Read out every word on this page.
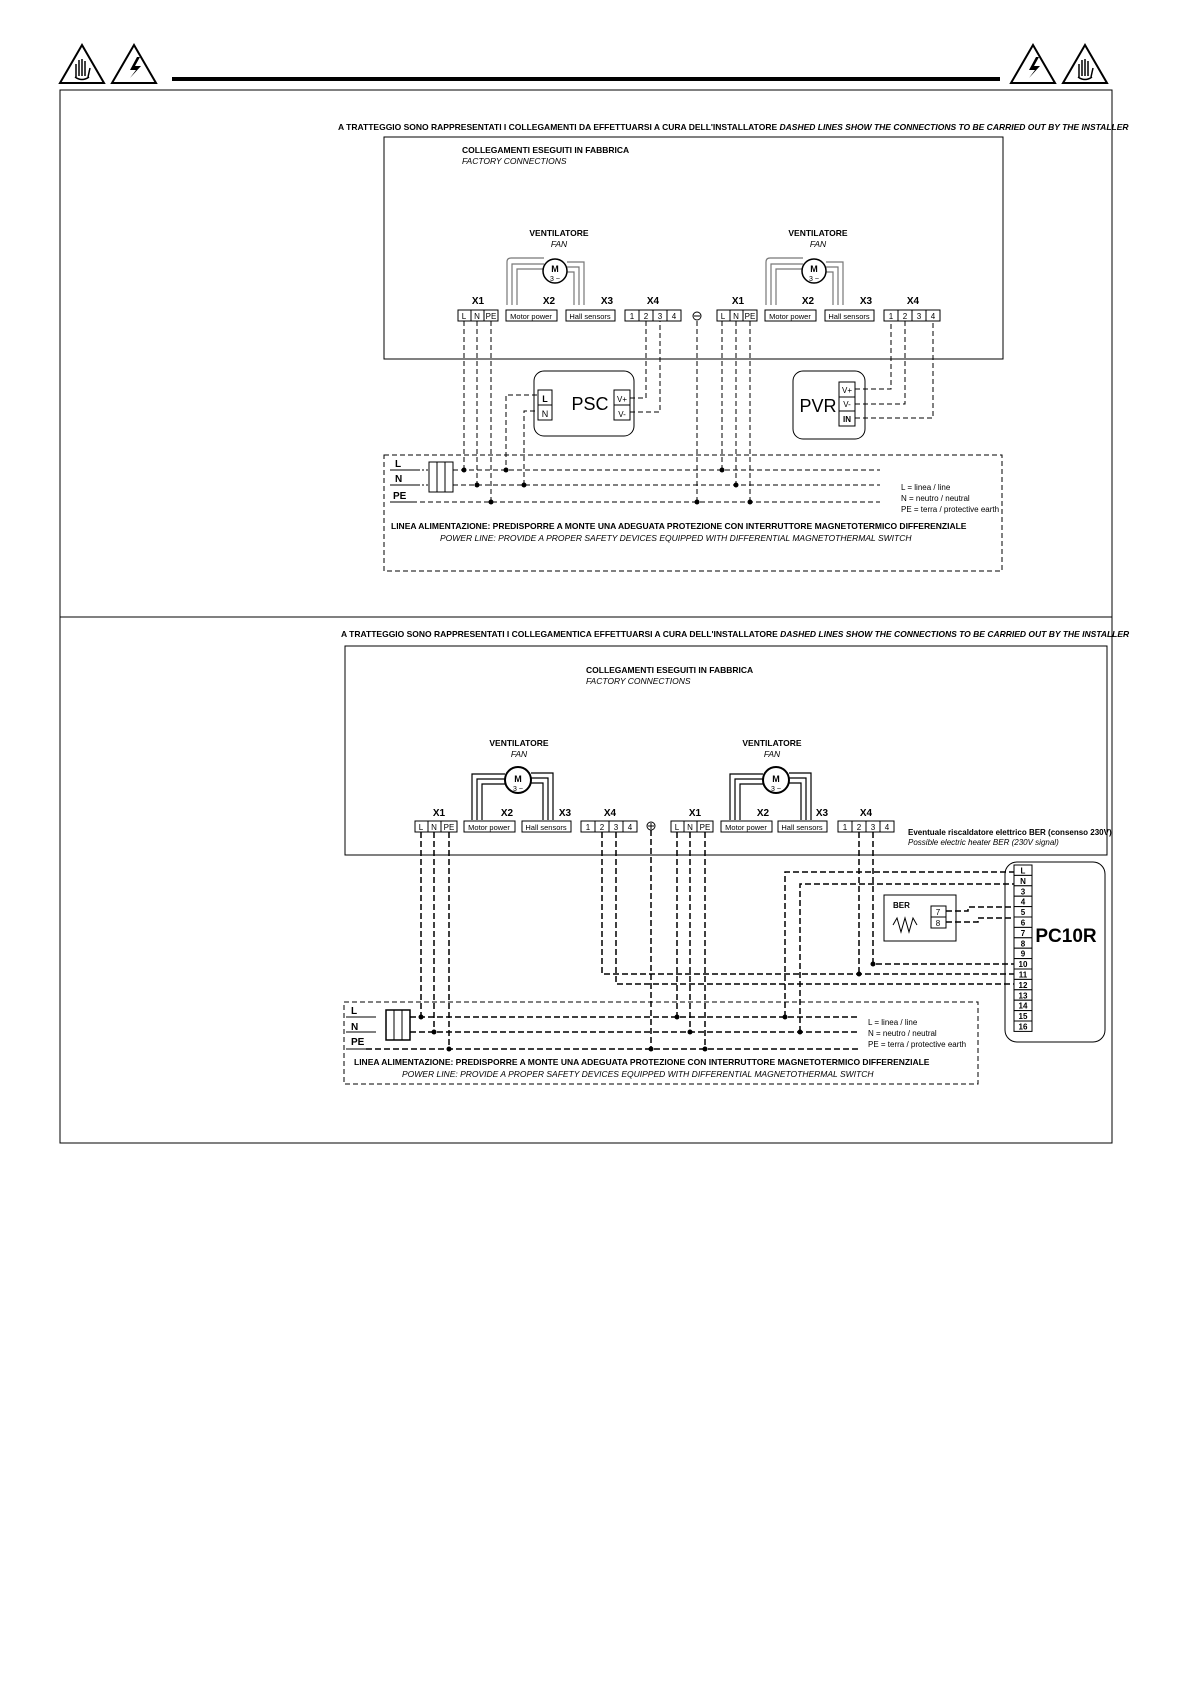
A TRATTEGGIO SONO RAPPRESENTATI I COLLEGAMENTI DA EFFETTUARSI A CURA DELL'INSTALLATORE DASHED LINES SHOW THE CONNECTIONS TO BE CARRIED OUT BY THE INSTALLER
COLLEGAMENTI ESEGUITI IN FABBRICA
FACTORY CONNECTIONS
VENTILATORE
FAN
M
3 ~
X1	X2	X3	X4
L N PE Motor power Hall sensors 1 2 3 4
VENTILATORE
FAN
M
3 ~
X1	X2	X3	X4
L N PE Motor power Hall sensors 1 2 3 4
PSC
L
N
V+
V-	PVR
V+
V-
IN
L
N
PE
L = linea / line
N = neutro / neutral
PE = terra / protective earth
LINEA ALIMENTAZIONE: PREDISPORRE A MONTE UNA ADEGUATA PROTEZIONE CON INTERRUTTORE MAGNETOTERMICO DIFFERENZIALE
POWER LINE: PROVIDE A PROPER SAFETY DEVICES EQUIPPED WITH DIFFERENTIAL MAGNETOTHERMAL SWITCH
A TRATTEGGIO SONO RAPPRESENTATI I COLLEGAMENTICA EFFETTUARSI A CURA DELL'INSTALLATORE DASHED LINES SHOW THE CONNECTIONS TO BE CARRIED OUT BY THE INSTALLER
COLLEGAMENTI ESEGUITI IN FABBRICA
FACTORY CONNECTIONS
VENTILATORE
FAN
M
3 ~
X1	X2	X3	X4
L N PE Motor power Hall sensors 1 2 3 4
VENTILATORE
FAN
M
3 ~
X1	X2	X3	X4
L N PE Motor power Hall sensors	1 2 3 4
Eventuale riscaldatore elettrico BER (consenso 230V)
Possible electric heater BER (230V signal)
BER
7
8
PC10R
L
N
3
4
5
6
7
8
9
10
11
12
13
14
15
16
L
N
PE
L = linea / line
N = neutro / neutral
PE = terra / protective earth
LINEA ALIMENTAZIONE: PREDISPORRE A MONTE UNA ADEGUATA PROTEZIONE CON INTERRUTTORE MAGNETOTERMICO DIFFERENZIALE
POWER LINE: PROVIDE A PROPER SAFETY DEVICES EQUIPPED WITH DIFFERENTIAL MAGNETOTHERMAL SWITCH
